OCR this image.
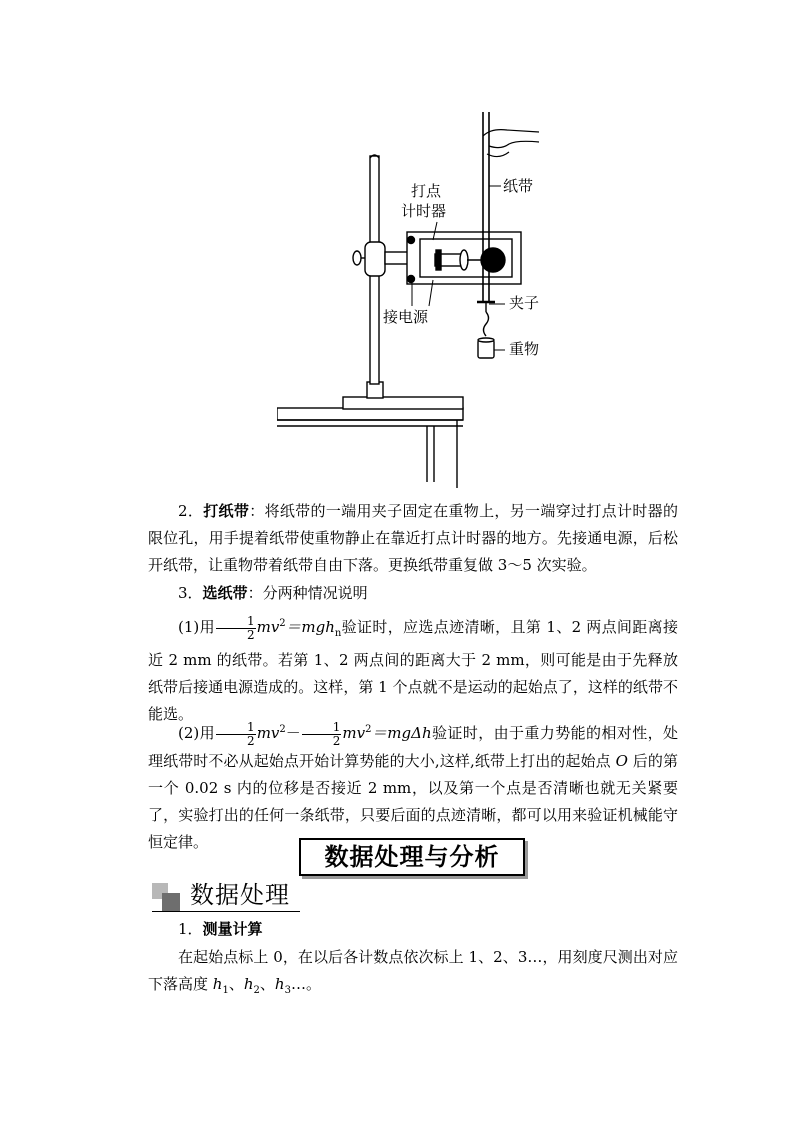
打点
计时器
纸带
夹子
接电源
重物
2．打纸带：将纸带的一端用夹子固定在重物上，另一端穿过打点计时器的限位孔，用手提着纸带使重物静止在靠近打点计时器的地方。先接通电源，后松开纸带，让重物带着纸带自由下落。更换纸带重复做 3～5 次实验。
3．选纸带：分两种情况说明
(1)用 $\frac{1}{2} mv^2=mgh_n$验证时，应选点迹清晰，且第 1、2 两点间距离接近 2 mm 的纸带。若第 1、2 两点间的距离大于 2 mm，则可能是由于先释放纸带后接通电源造成的。这样，第 1 个点就不是运动的起始点了，这样的纸带不能选。
(2)用 $\frac{1}{2} mv^2- \frac{1}{2} mv^2=mg\Delta h$验证时，由于重力势能的相对性，处理纸带时不必从起始点开始计算势能的大小,这样,纸带上打出的起始点 O 后的第一个 0.02 s 内的位移是否接近 2 mm，以及第一个点是否清晰也就无关紧要了，实验打出的任何一条纸带，只要后面的点迹清晰，都可以用来验证机械能守恒定律。
数据处理与分析
数据处理
1．测量计算
在起始点标上 0，在以后各计数点依次标上 1、2、3…，用刻度尺测出对应下落高度 $h_1$、$h_2$、$h_3\dots$。
